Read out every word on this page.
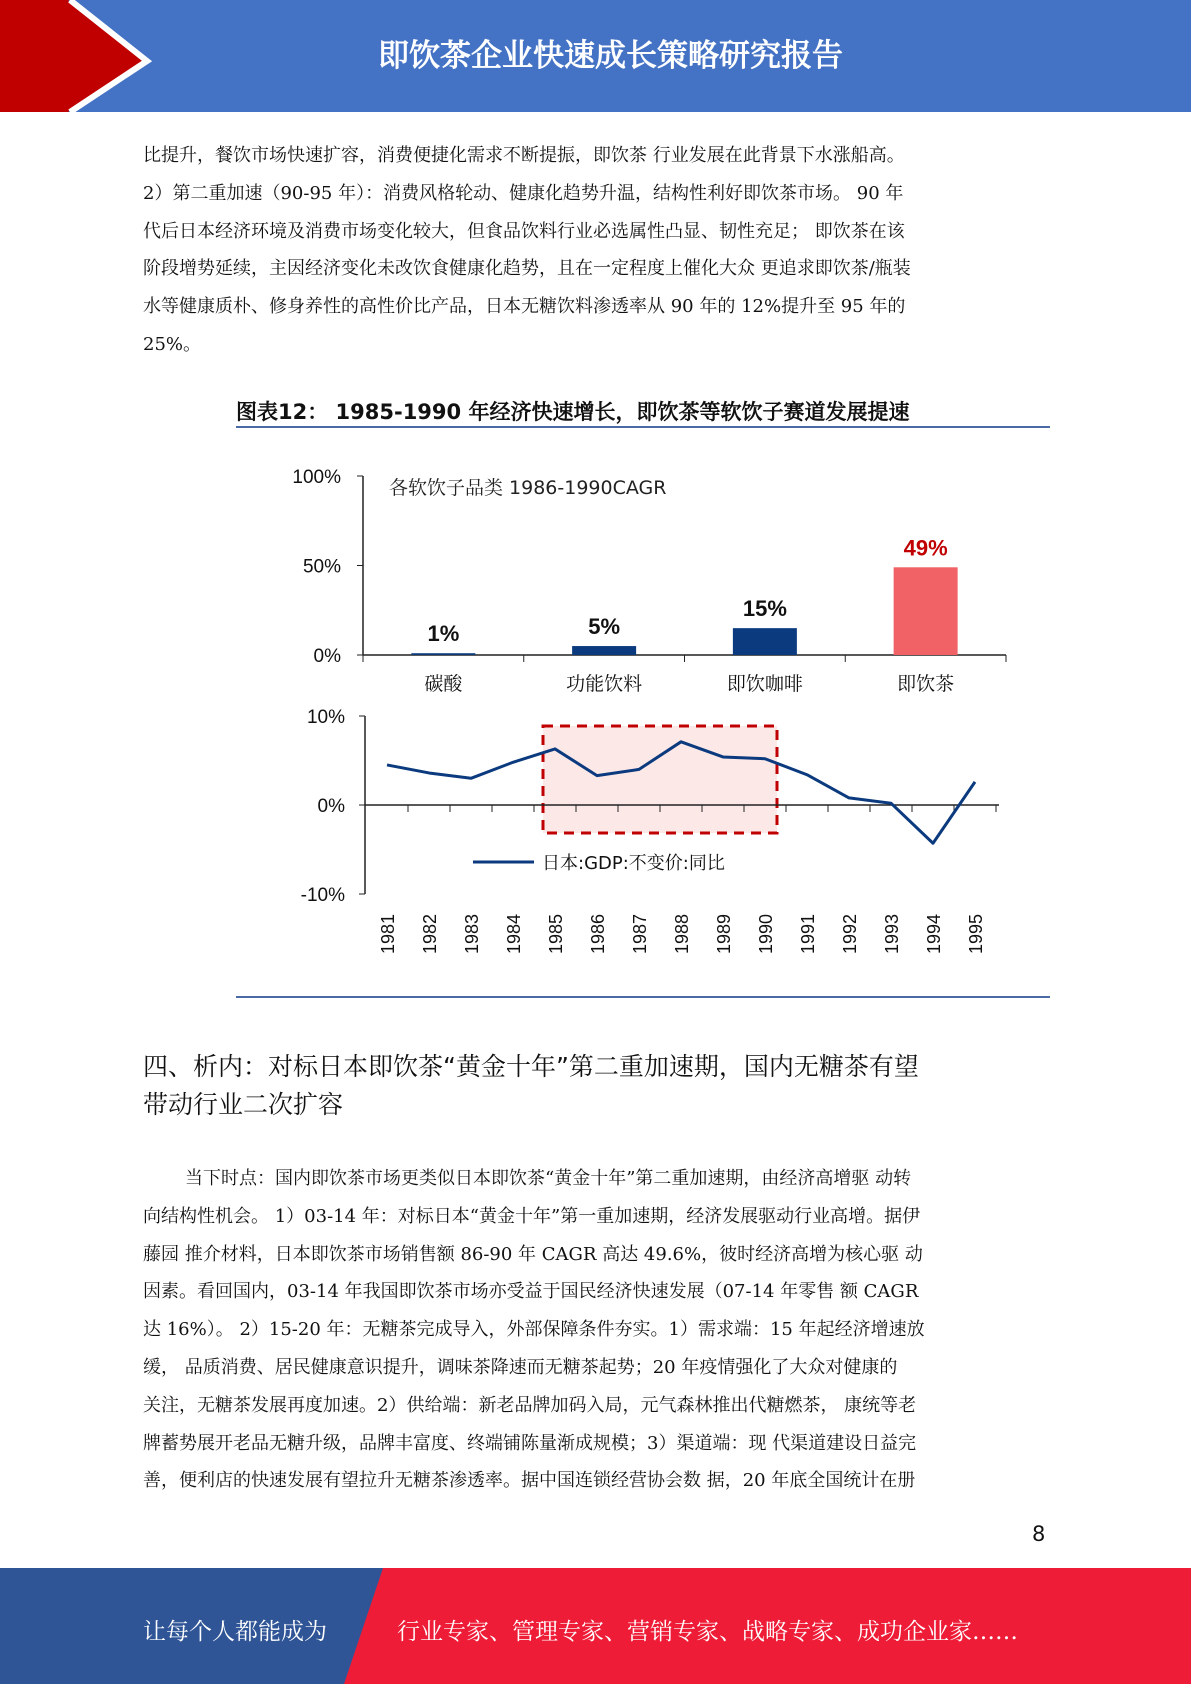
即饮茶企业快速成长策略研究报告
比提升，餐饮市场快速扩容，消费便捷化需求不断提振，即饮茶 行业发展在此背景下水涨船高。
2）第二重加速（90-95 年）：消费风格轮动、健康化趋势升温，结构性利好即饮茶市场。 90 年
代后日本经济环境及消费市场变化较大，但食品饮料行业必选属性凸显、韧性充足； 即饮茶在该
阶段增势延续，主因经济变化未改饮食健康化趋势，且在一定程度上催化大众 更追求即饮茶/瓶装
水等健康质朴、修身养性的高性价比产品，日本无糖饮料渗透率从 90 年的 12%提升至 95 年的
25%。
图表12： 1985-1990 年经济快速增长，即饮茶等软饮子赛道发展提速
各软饮子品类 1986-1990CAGR
0%
50%
100%
1%
碳酸
5%
功能饮料
15%
即饮咖啡
49%
即饮茶
-10%
0%
10%
1981 1982 1983 1984 1985 1986 1987 1988 1989 1990 1991 1992 1993 1994 1995
日本:GDP:不变价:同比
四、析内：对标日本即饮茶“黄金十年”第二重加速期，国内无糖茶有望
带动行业二次扩容
当下时点：国内即饮茶市场更类似日本即饮茶“黄金十年”第二重加速期，由经济高增驱 动转
向结构性机会。 1）03-14 年：对标日本“黄金十年”第一重加速期，经济发展驱动行业高增。据伊
藤园 推介材料，日本即饮茶市场销售额 86-90 年 CAGR 高达 49.6%，彼时经济高增为核心驱 动
因素。看回国内，03-14 年我国即饮茶市场亦受益于国民经济快速发展（07-14 年零售 额 CAGR
达 16%）。 2）15-20 年：无糖茶完成导入，外部保障条件夯实。1）需求端：15 年起经济增速放
缓， 品质消费、居民健康意识提升，调味茶降速而无糖茶起势；20 年疫情强化了大众对健康的
关注，无糖茶发展再度加速。2）供给端：新老品牌加码入局，元气森林推出代糖燃茶， 康统等老
牌蓄势展开老品无糖升级，品牌丰富度、终端铺陈量渐成规模；3）渠道端：现 代渠道建设日益完
善，便利店的快速发展有望拉升无糖茶渗透率。据中国连锁经营协会数 据，20 年底全国统计在册
8
让每个人都能成为	行业专家、管理专家、营销专家、战略专家、成功企业家……
